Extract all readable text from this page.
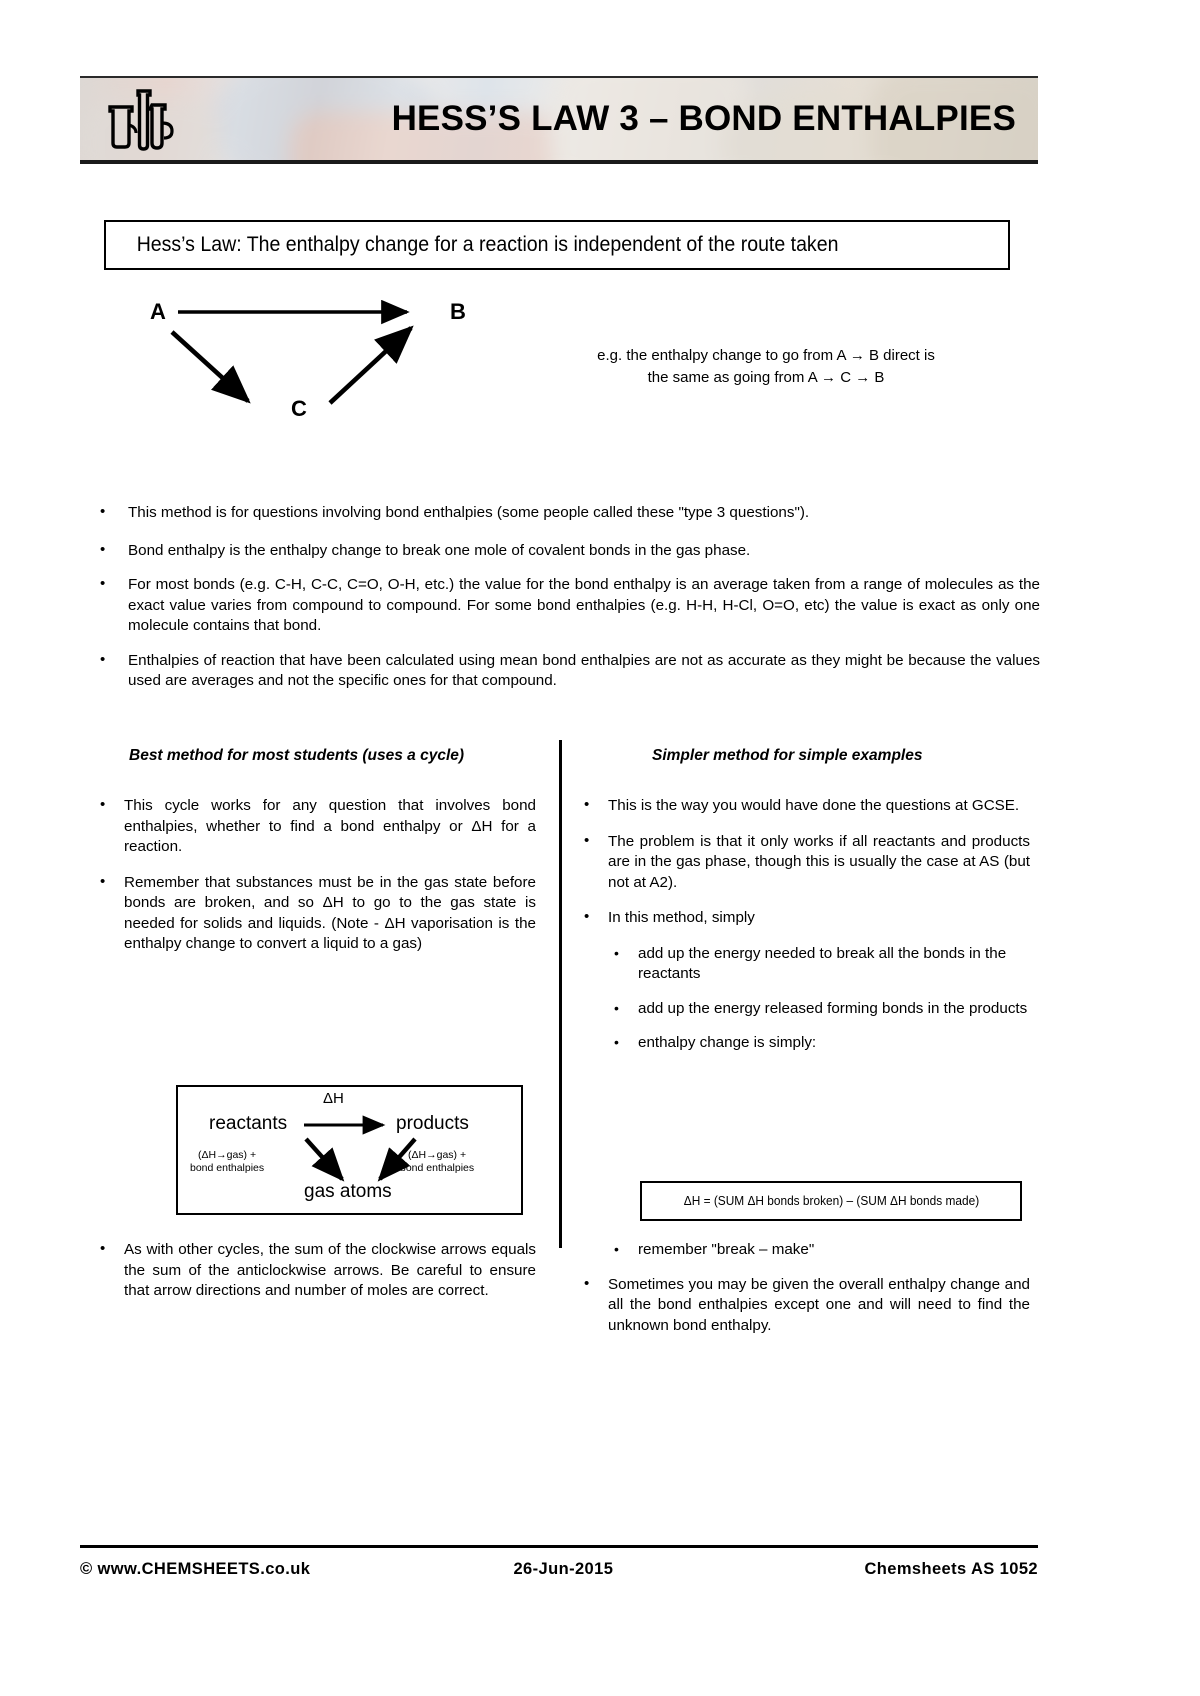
HESS’S LAW 3 – BOND ENTHALPIES
Hess’s Law: The enthalpy change for a reaction is independent of the route taken
A	B
C
e.g. the enthalpy change to go from A → B direct is
the same as going from A → C → B
• This method is for questions involving bond enthalpies (some people called these "type 3 questions").
• Bond enthalpy is the enthalpy change to break one mole of covalent bonds in the gas phase.
• For most bonds (e.g. C-H, C-C, C=O, O-H, etc.) the value for the bond enthalpy is an average taken from a range of molecules as the exact value varies from compound to compound. For some bond enthalpies (e.g. H-H, H-Cl, O=O, etc) the value is exact as only one molecule contains that bond.
• Enthalpies of reaction that have been calculated using mean bond enthalpies are not as accurate as they might be because the values used are averages and not the specific ones for that compound.
Best method for most students (uses a cycle)	Simpler method for simple examples
• This cycle works for any question that involves bond enthalpies, whether to find a bond enthalpy or ΔH for a reaction.
• Remember that substances must be in the gas state before bonds are broken, and so ΔH to go to the gas state is needed for solids and liquids. (Note - ΔH vaporisation is the enthalpy change to convert a liquid to a gas)
reactants	products
gas atoms
ΔH
(ΔH→gas) +
bond enthalpies
(ΔH→gas) +
bond enthalpies
• As with other cycles, the sum of the clockwise arrows equals the sum of the anticlockwise arrows. Be careful to ensure that arrow directions and number of moles are correct.
• This is the way you would have done the questions at GCSE.
• The problem is that it only works if all reactants and products are in the gas phase, though this is usually the case at AS (but not at A2).
• In this method, simply
• add up the energy needed to break all the bonds in the reactants
• add up the energy released forming bonds in the products
• enthalpy change is simply:
ΔH = (SUM ΔH bonds broken) – (SUM ΔH bonds made)
• remember "break – make"
• Sometimes you may be given the overall enthalpy change and all the bond enthalpies except one and will need to find the unknown bond enthalpy.
© www.CHEMSHEETS.co.uk	26-Jun-2015	Chemsheets AS 1052
